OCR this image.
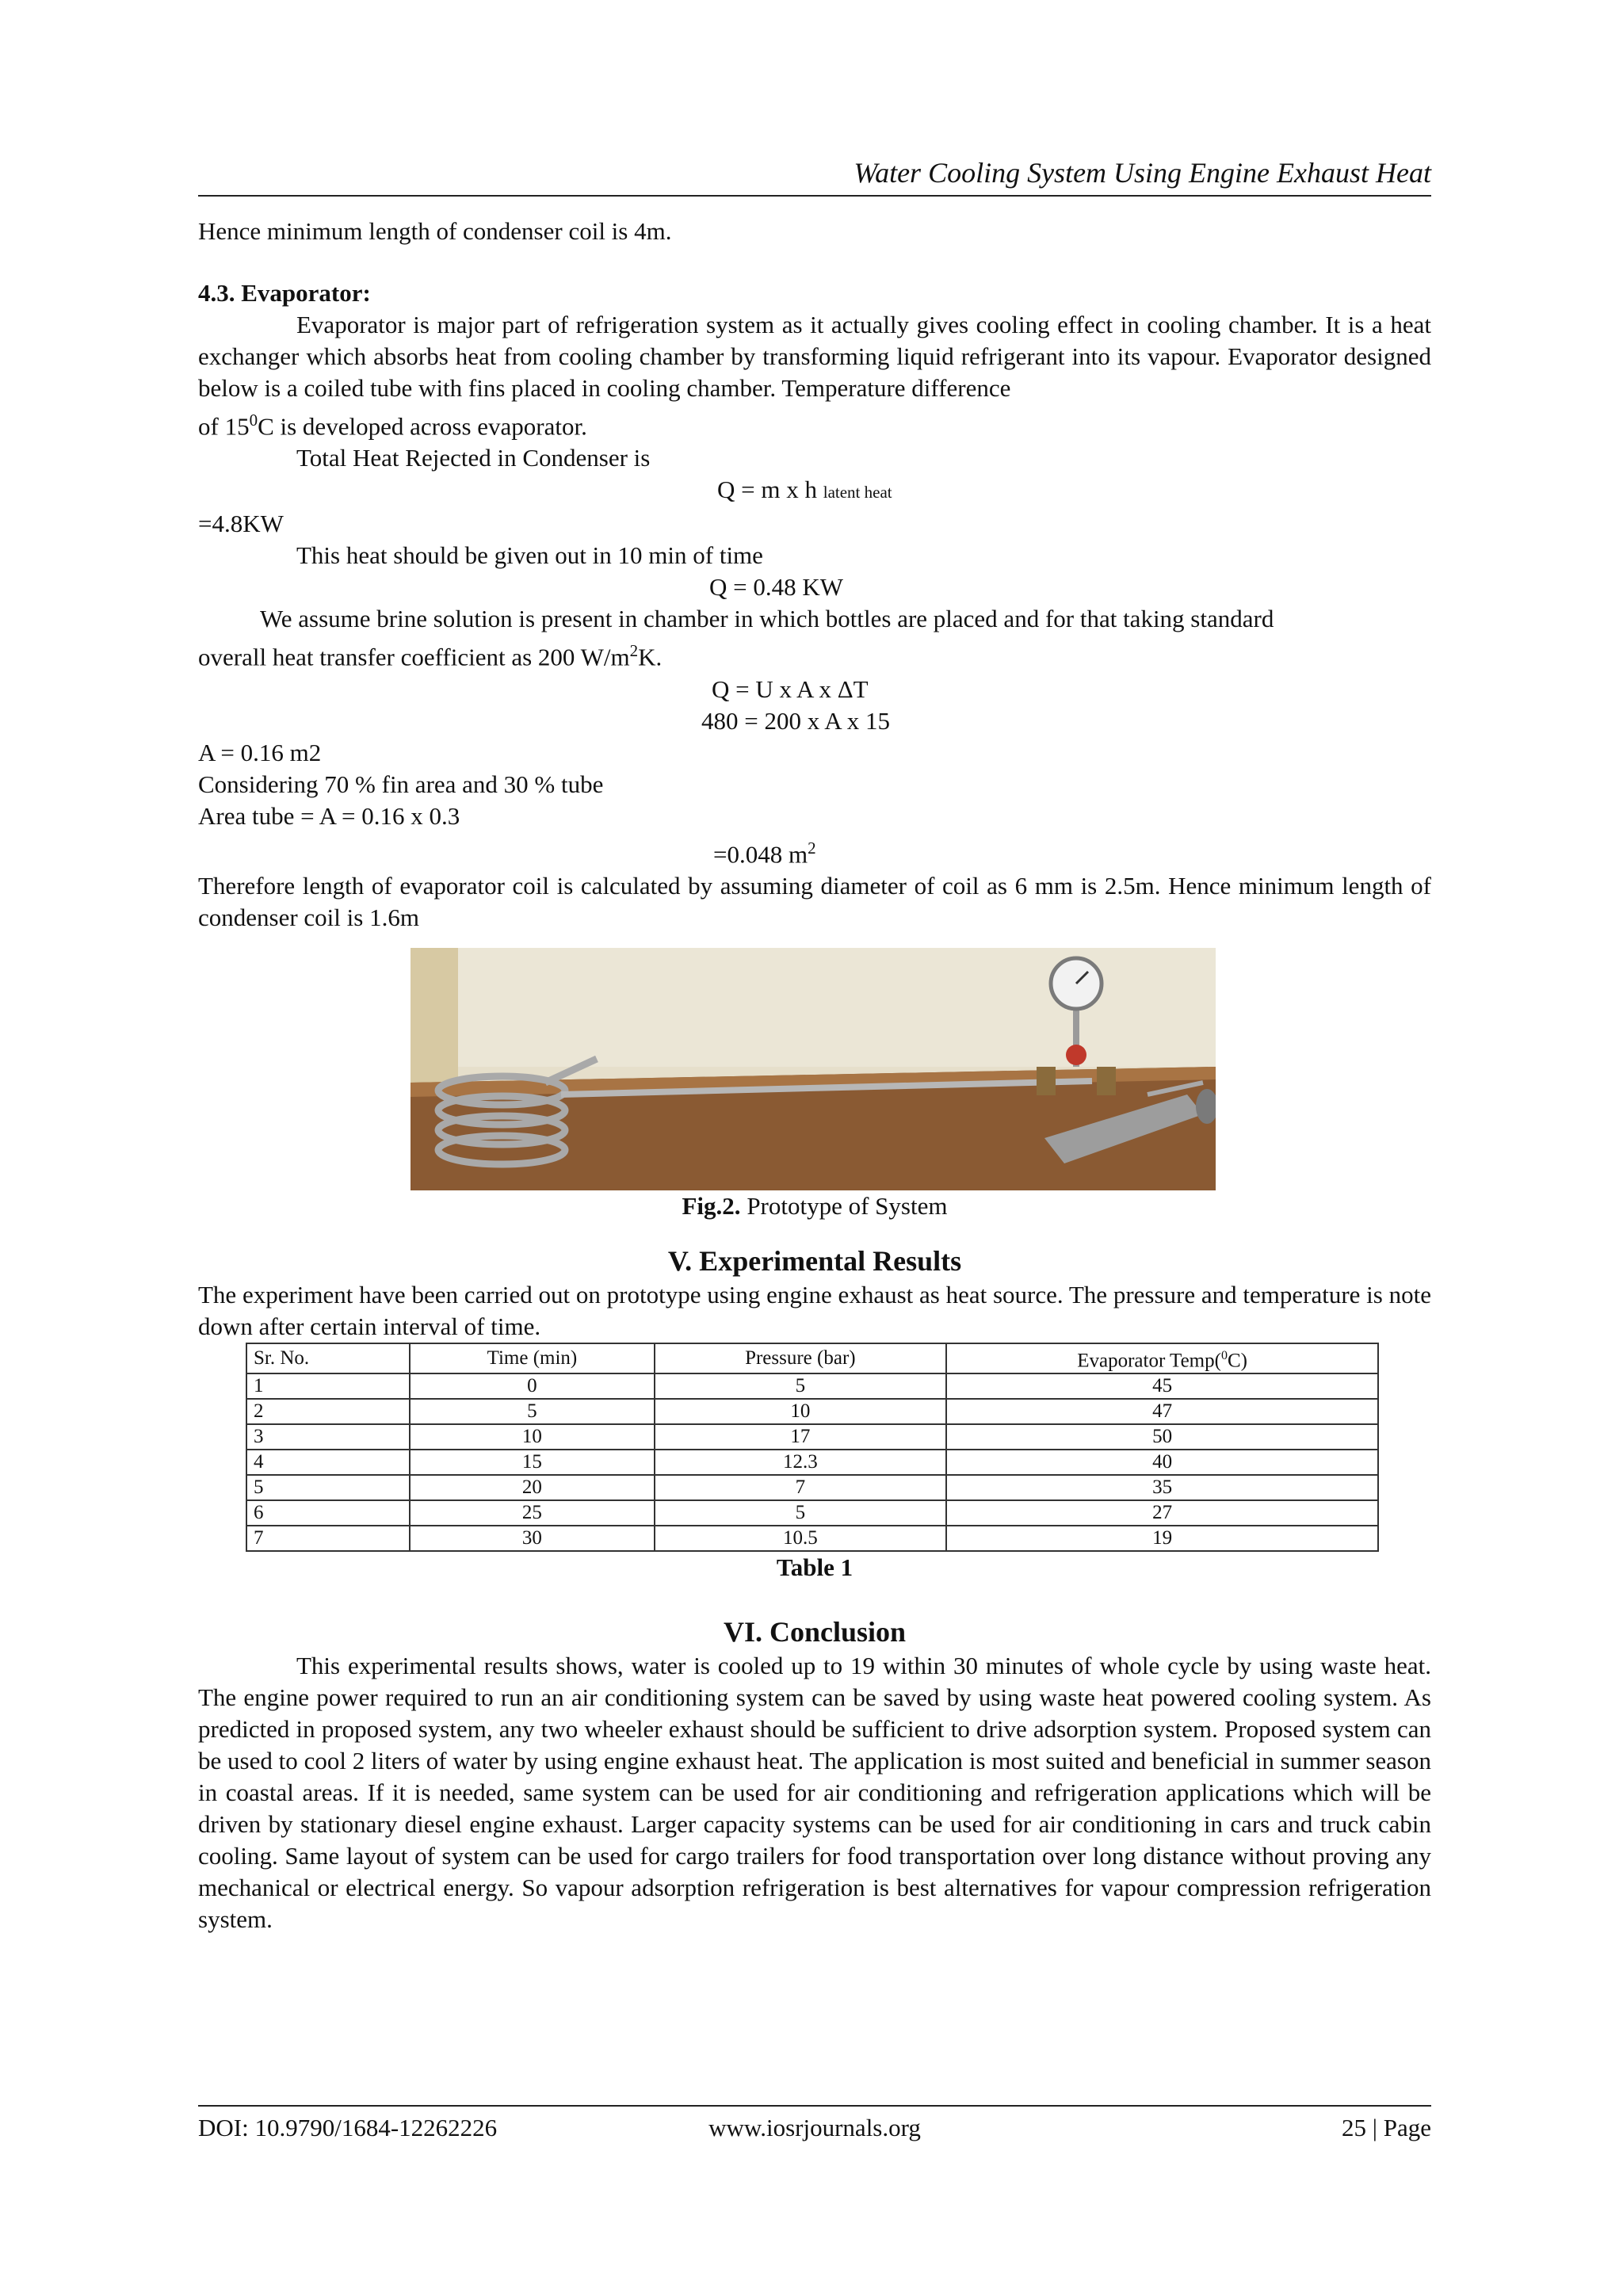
Water Cooling System Using Engine Exhaust Heat

Hence minimum length of condenser coil is 4m.

4.3. Evaporator:

Evaporator is major part of refrigeration system as it actually gives cooling effect in cooling chamber. It is a heat exchanger which absorbs heat from cooling chamber by transforming liquid refrigerant into its vapour. Evaporator designed below is a coiled tube with fins placed in cooling chamber. Temperature difference

of $15^0C$ is developed across evaporator.

Total Heat Rejected in Condenser is

Q = m x h latent heat

=4.8KW

This heat should be given out in 10 min of time

Q = 0.48 KW

We assume brine solution is present in chamber in which bottles are placed and for that taking standard

overall heat transfer coefficient as 200 $W/m^2K$.

Q = U x A x ΔT

480 = 200 x A x 15

A = 0.16 m2

Considering 70 % fin area and 30 % tube

Area tube = A = 0.16 x 0.3

=0.048 $m^2$

Therefore length of evaporator coil is calculated by assuming diameter of coil as 6 mm is 2.5m. Hence minimum length of condenser coil is 1.6m

Fig.2. Prototype of System

V. Experimental Results

The experiment have been carried out on prototype using engine exhaust as heat source. The pressure and temperature is note down after certain interval of time.

Sr. No.	Time (min)	Pressure (bar)	Evaporator Temp($^0$C)
1	0	5	45
2	5	10	47
3	10	17	50
4	15	12.3	40
5	20	7	35
6	25	5	27
7	30	10.5	19

Table 1

VI. Conclusion

This experimental results shows, water is cooled up to 19 within 30 minutes of whole cycle by using waste heat. The engine power required to run an air conditioning system can be saved by using waste heat powered cooling system. As predicted in proposed system, any two wheeler exhaust should be sufficient to drive adsorption system. Proposed system can be used to cool 2 liters of water by using engine exhaust heat. The application is most suited and beneficial in summer season in coastal areas. If it is needed, same system can be used for air conditioning and refrigeration applications which will be driven by stationary diesel engine exhaust. Larger capacity systems can be used for air conditioning in cars and truck cabin cooling. Same layout of system can be used for cargo trailers for food transportation over long distance without proving any mechanical or electrical energy. So vapour adsorption refrigeration is best alternatives for vapour compression refrigeration system.

DOI: 10.9790/1684-12262226	www.iosrjournals.org	25 | Page
